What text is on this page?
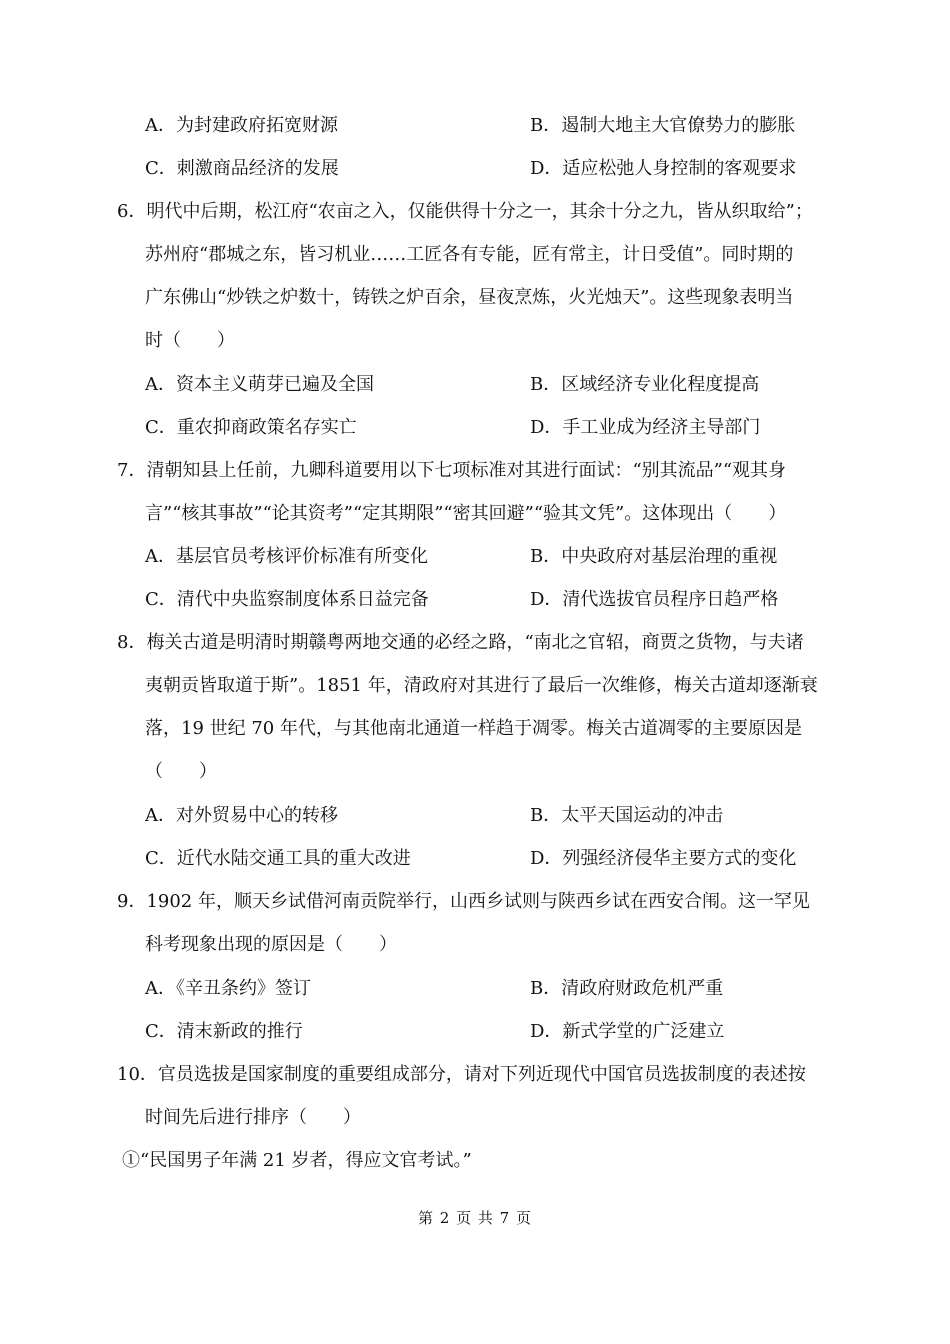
A．为封建政府拓宽财源	B．遏制大地主大官僚势力的膨胀
C．刺激商品经济的发展	D．适应松弛人身控制的客观要求
6．明代中后期，松江府“农亩之入，仅能供得十分之一，其余十分之九，皆从织取给”；
苏州府“郡城之东，皆习机业……工匠各有专能，匠有常主，计日受值”。同时期的
广东佛山“炒铁之炉数十，铸铁之炉百余，昼夜烹炼，火光烛天”。这些现象表明当
时（　　）
A．资本主义萌芽已遍及全国	B．区域经济专业化程度提高
C．重农抑商政策名存实亡	D．手工业成为经济主导部门
7．清朝知县上任前，九卿科道要用以下七项标准对其进行面试：“别其流品”“观其身
言”“核其事故”“论其资考”“定其期限”“密其回避”“验其文凭”。这体现出（　　）
A．基层官员考核评价标准有所变化	B．中央政府对基层治理的重视
C．清代中央监察制度体系日益完备	D．清代选拔官员程序日趋严格
8．梅关古道是明清时期赣粤两地交通的必经之路，“南北之官轺，商贾之货物，与夫诸
夷朝贡皆取道于斯”。1851 年，清政府对其进行了最后一次维修，梅关古道却逐渐衰
落，19 世纪 70 年代，与其他南北通道一样趋于凋零。梅关古道凋零的主要原因是
（　　）
A．对外贸易中心的转移	B．太平天国运动的冲击
C．近代水陆交通工具的重大改进	D．列强经济侵华主要方式的变化
9．1902 年，顺天乡试借河南贡院举行，山西乡试则与陕西乡试在西安合闱。这一罕见
科考现象出现的原因是（　　）
A．《辛丑条约》签订	B．清政府财政危机严重
C．清末新政的推行	D．新式学堂的广泛建立
10．官员选拔是国家制度的重要组成部分，请对下列近现代中国官员选拔制度的表述按
时间先后进行排序（　　）
①“民国男子年满 21 岁者，得应文官考试。”
第 2 页 共 7 页
